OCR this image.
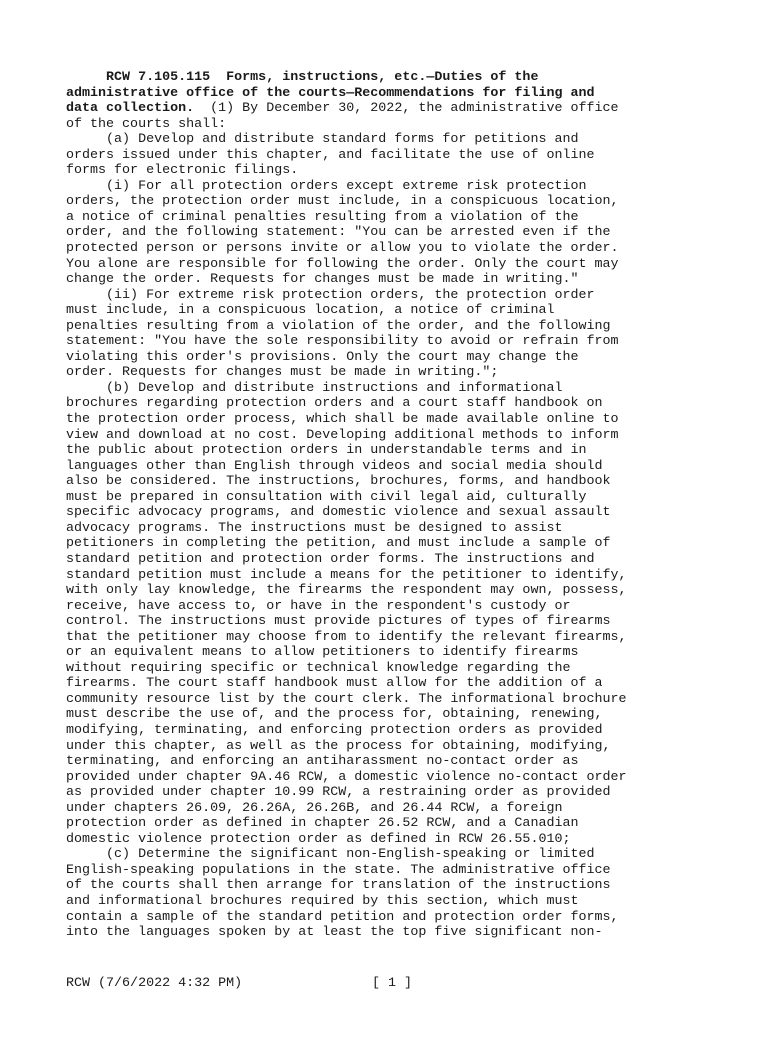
RCW 7.105.115  Forms, instructions, etc.—Duties of the
administrative office of the courts—Recommendations for filing and
data collection.  (1) By December 30, 2022, the administrative office
of the courts shall:
(a) Develop and distribute standard forms for petitions and
orders issued under this chapter, and facilitate the use of online
forms for electronic filings.
(i) For all protection orders except extreme risk protection
orders, the protection order must include, in a conspicuous location,
a notice of criminal penalties resulting from a violation of the
order, and the following statement: "You can be arrested even if the
protected person or persons invite or allow you to violate the order.
You alone are responsible for following the order. Only the court may
change the order. Requests for changes must be made in writing."
(ii) For extreme risk protection orders, the protection order
must include, in a conspicuous location, a notice of criminal
penalties resulting from a violation of the order, and the following
statement: "You have the sole responsibility to avoid or refrain from
violating this order's provisions. Only the court may change the
order. Requests for changes must be made in writing.";
(b) Develop and distribute instructions and informational
brochures regarding protection orders and a court staff handbook on
the protection order process, which shall be made available online to
view and download at no cost. Developing additional methods to inform
the public about protection orders in understandable terms and in
languages other than English through videos and social media should
also be considered. The instructions, brochures, forms, and handbook
must be prepared in consultation with civil legal aid, culturally
specific advocacy programs, and domestic violence and sexual assault
advocacy programs. The instructions must be designed to assist
petitioners in completing the petition, and must include a sample of
standard petition and protection order forms. The instructions and
standard petition must include a means for the petitioner to identify,
with only lay knowledge, the firearms the respondent may own, possess,
receive, have access to, or have in the respondent's custody or
control. The instructions must provide pictures of types of firearms
that the petitioner may choose from to identify the relevant firearms,
or an equivalent means to allow petitioners to identify firearms
without requiring specific or technical knowledge regarding the
firearms. The court staff handbook must allow for the addition of a
community resource list by the court clerk. The informational brochure
must describe the use of, and the process for, obtaining, renewing,
modifying, terminating, and enforcing protection orders as provided
under this chapter, as well as the process for obtaining, modifying,
terminating, and enforcing an antiharassment no-contact order as
provided under chapter 9A.46 RCW, a domestic violence no-contact order
as provided under chapter 10.99 RCW, a restraining order as provided
under chapters 26.09, 26.26A, 26.26B, and 26.44 RCW, a foreign
protection order as defined in chapter 26.52 RCW, and a Canadian
domestic violence protection order as defined in RCW 26.55.010;
(c) Determine the significant non-English-speaking or limited
English-speaking populations in the state. The administrative office
of the courts shall then arrange for translation of the instructions
and informational brochures required by this section, which must
contain a sample of the standard petition and protection order forms,
into the languages spoken by at least the top five significant non-

RCW (7/6/2022 4:32 PM)

	[ 1 ]
